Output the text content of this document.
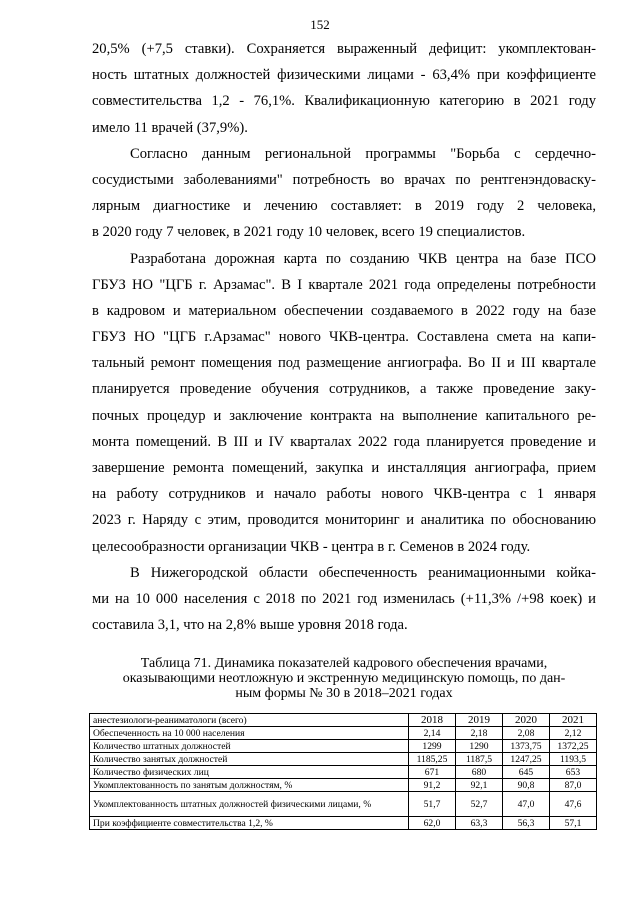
152
20,5% (+7,5 ставки). Сохраняется выраженный дефицит: укомплектован-
ность штатных должностей физическими лицами - 63,4% при коэффициенте
совместительства 1,2 - 76,1%. Квалификационную категорию в 2021 году
имело 11 врачей (37,9%).
Согласно данным региональной программы "Борьба с сердечно-
сосудистыми заболеваниями" потребность во врачах по рентгенэндоваску-
лярным диагностике и лечению составляет: в 2019 году 2 человека,
в 2020 году 7 человек, в 2021 году 10 человек, всего 19 специалистов.
Разработана дорожная карта по созданию ЧКВ центра на базе ПСО
ГБУЗ НО "ЦГБ г. Арзамас". В I квартале 2021 года определены потребности
в кадровом и материальном обеспечении создаваемого в 2022 году на базе
ГБУЗ НО "ЦГБ г.Арзамас" нового ЧКВ-центра. Составлена смета на капи-
тальный ремонт помещения под размещение ангиографа. Во II и III квартале
планируется проведение обучения сотрудников, а также проведение заку-
почных процедур и заключение контракта на выполнение капитального ре-
монта помещений. В III и IV кварталах 2022 года планируется проведение и
завершение ремонта помещений, закупка и инсталляция ангиографа, прием
на работу сотрудников и начало работы нового ЧКВ-центра с 1 января
2023 г. Наряду с этим, проводится мониторинг и аналитика по обоснованию
целесообразности организации ЧКВ - центра в г. Семенов в 2024 году.
В Нижегородской области обеспеченность реанимационными койка-
ми на 10 000 населения с 2018 по 2021 год изменилась (+11,3% /+98 коек) и
составила 3,1, что на 2,8% выше уровня 2018 года.
Таблица 71. Динамика показателей кадрового обеспечения врачами,
оказывающими неотложную и экстренную медицинскую помощь, по дан-
ным формы № 30 в 2018–2021 годах
анестезиологи-реаниматологи (всего)	2018	2019	2020	2021
Обеспеченность на 10 000 населения	2,14	2,18	2,08	2,12
Количество штатных должностей	1299	1290	1373,75	1372,25
Количество занятых должностей	1185,25	1187,5	1247,25	1193,5
Количество физических лиц	671	680	645	653
Укомплектованность по занятым должностям, %	91,2	92,1	90,8	87,0
Укомплектованность штатных должностей физическими лицами, %	51,7	52,7	47,0	47,6
При коэффициенте совместительства 1,2, %	62,0	63,3	56,3	57,1
